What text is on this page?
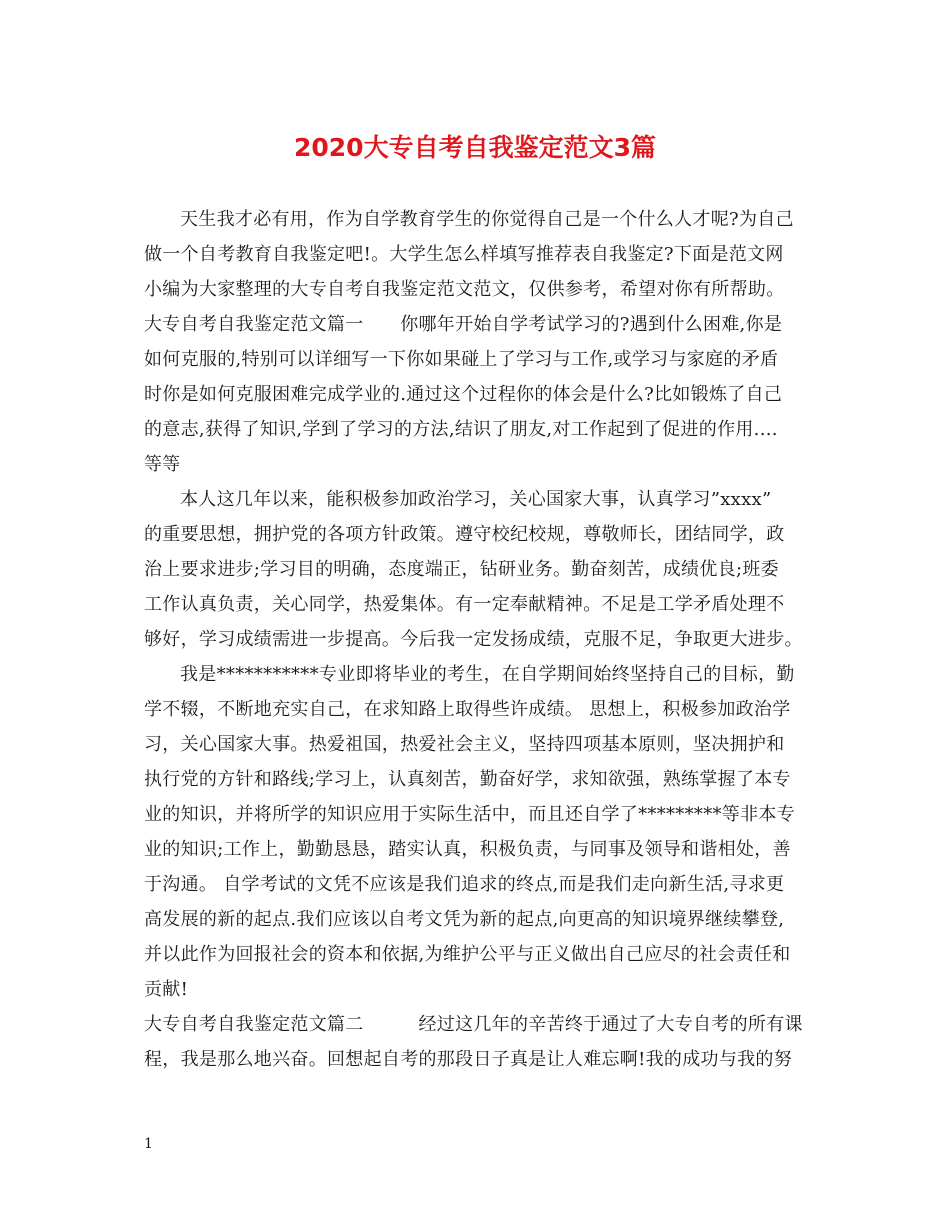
2020大专自考自我鉴定范文3篇
天生我才必有用，作为自学教育学生的你觉得自己是一个什么人才呢?为自己
做一个自考教育自我鉴定吧!。大学生怎么样填写推荐表自我鉴定?下面是范文网
小编为大家整理的大专自考自我鉴定范文范文，仅供参考，希望对你有所帮助。
大专自考自我鉴定范文篇一　　你哪年开始自学考试学习的?遇到什么困难,你是
如何克服的,特别可以详细写一下你如果碰上了学习与工作,或学习与家庭的矛盾
时你是如何克服困难完成学业的.通过这个过程你的体会是什么?比如锻炼了自己
的意志,获得了知识,学到了学习的方法,结识了朋友,对工作起到了促进的作用....
等等
本人这几年以来，能积极参加政治学习，关心国家大事，认真学习”xxxx”
的重要思想，拥护党的各项方针政策。遵守校纪校规，尊敬师长，团结同学，政
治上要求进步;学习目的明确，态度端正，钻研业务。勤奋刻苦，成绩优良;班委
工作认真负责，关心同学，热爱集体。有一定奉献精神。不足是工学矛盾处理不
够好，学习成绩需进一步提高。今后我一定发扬成绩，克服不足，争取更大进步。
我是***********专业即将毕业的考生，在自学期间始终坚持自己的目标，勤
学不辍，不断地充实自己，在求知路上取得些许成绩。 思想上，积极参加政治学
习，关心国家大事。热爱祖国，热爱社会主义，坚持四项基本原则，坚决拥护和
执行党的方针和路线;学习上，认真刻苦，勤奋好学，求知欲强，熟练掌握了本专
业的知识，并将所学的知识应用于实际生活中，而且还自学了*********等非本专
业的知识;工作上，勤勤恳恳，踏实认真，积极负责，与同事及领导和谐相处，善
于沟通。 自学考试的文凭不应该是我们追求的终点,而是我们走向新生活,寻求更
高发展的新的起点.我们应该以自考文凭为新的起点,向更高的知识境界继续攀登,
并以此作为回报社会的资本和依据,为维护公平与正义做出自己应尽的社会责任和
贡献!
大专自考自我鉴定范文篇二　　　经过这几年的辛苦终于通过了大专自考的所有课
程，我是那么地兴奋。回想起自考的那段日子真是让人难忘啊!我的成功与我的努
1
